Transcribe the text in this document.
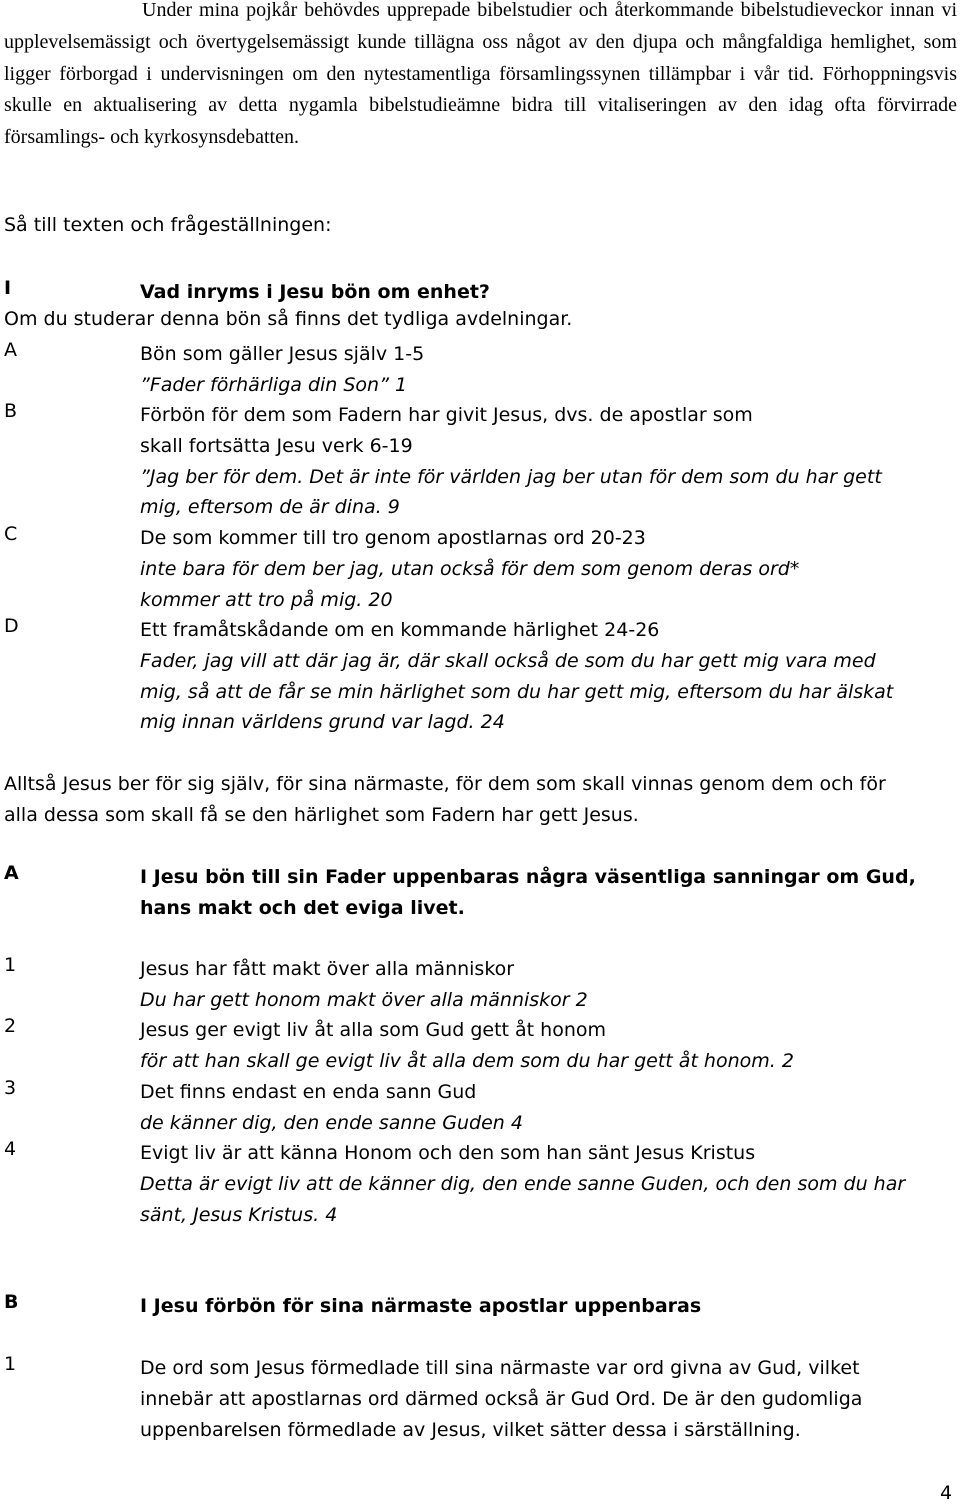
Under mina pojkår behövdes upprepade bibelstudier och återkommande bibelstudieveckor innan vi upplevelsemässigt och övertygelsemässigt kunde tillägna oss något av den djupa och mångfaldiga hemlighet, som ligger förborgad i undervisningen om den nytestamentliga församlingssynen tillämpbar i vår tid. Förhoppningsvis skulle en aktualisering av detta nygamla bibelstudieämne bidra till vitaliseringen av den idag ofta förvirrade församlings- och kyrkosynsdebatten.
Så till texten och frågeställningen:
I	Vad inryms i Jesu bön om enhet?
Om du studerar denna bön så finns det tydliga avdelningar.
A	Bön som gäller Jesus själv 1-5
”Fader förhärliga din Son” 1
B	Förbön för dem som Fadern har givit Jesus, dvs. de apostlar som
skall fortsätta Jesu verk 6-19
”Jag ber för dem. Det är inte för världen jag ber utan för dem som du har gett
mig, eftersom de är dina. 9
C	De som kommer till tro genom apostlarnas ord 20-23
inte bara för dem ber jag, utan också för dem som genom deras ord*
kommer att tro på mig. 20
D	Ett framåtskådande om en kommande härlighet 24-26
Fader, jag vill att där jag är, där skall också de som du har gett mig vara med
mig, så att de får se min härlighet som du har gett mig, eftersom du har älskat
mig innan världens grund var lagd. 24
Alltså Jesus ber för sig själv, för sina närmaste, för dem som skall vinnas genom dem och för
alla dessa som skall få se den härlighet som Fadern har gett Jesus.
A	I Jesu bön till sin Fader uppenbaras några väsentliga sanningar om Gud,
hans makt och det eviga livet.
1	Jesus har fått makt över alla människor
Du har gett honom makt över alla människor 2
2	Jesus ger evigt liv åt alla som Gud gett åt honom
för att han skall ge evigt liv åt alla dem som du har gett åt honom. 2
3	Det finns endast en enda sann Gud
de känner dig, den ende sanne Guden 4
4	Evigt liv är att känna Honom och den som han sänt Jesus Kristus
Detta är evigt liv att de känner dig, den ende sanne Guden, och den som du har
sänt, Jesus Kristus. 4
B	I Jesu förbön för sina närmaste apostlar uppenbaras
1	De ord som Jesus förmedlade till sina närmaste var ord givna av Gud, vilket
innebär att apostlarnas ord därmed också är Gud Ord. De är den gudomliga
uppenbarelsen förmedlade av Jesus, vilket sätter dessa i särställning.
4
